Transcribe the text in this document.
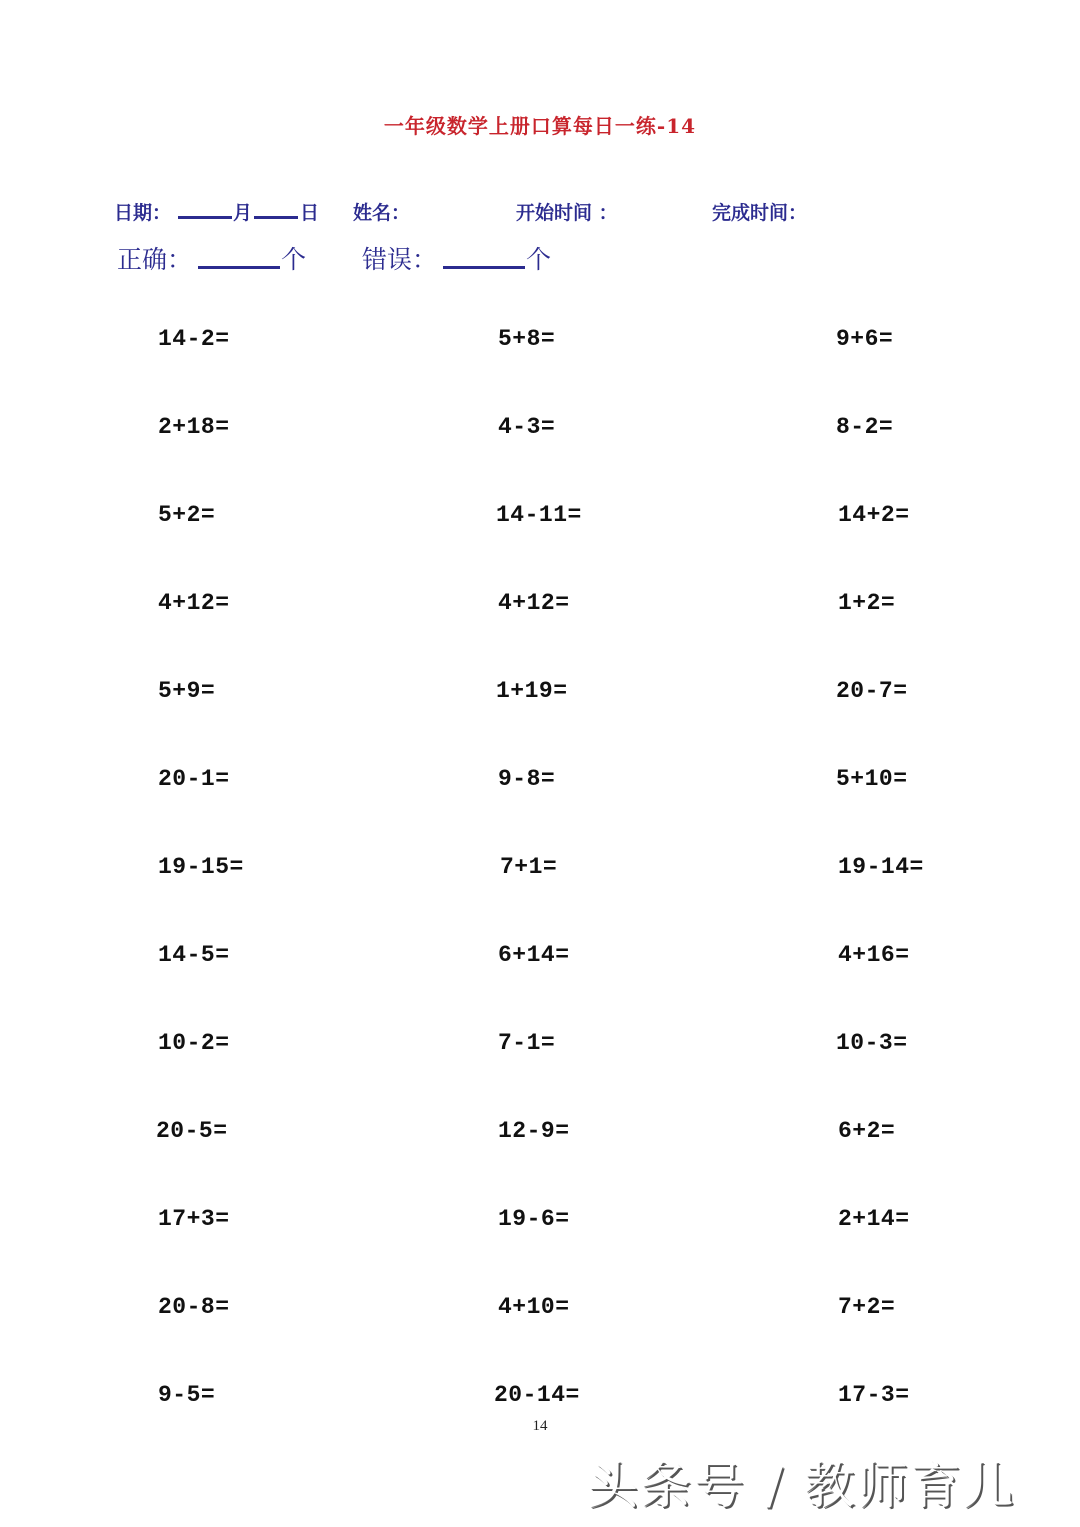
一年级数学上册口算每日一练-14
日期：	月	日 姓名：	开始时间 ：	完成时间：
正确：	个 错误：	个
14-2=	5+8=	9+6=
2+18=	4-3=	8-2=
5+2=	14-11=	14+2=
4+12=	4+12=	1+2=
5+9=	1+19=	20-7=
20-1=	9-8=	5+10=
19-15=	7+1=	19-14=
14-5=	6+14=	4+16=
10-2=	7-1=	10-3=
20-5=	12-9=	6+2=
17+3=	19-6=	2+14=
20-8=	4+10=	7+2=
9-5=	20-14=	17-3=
14
头条号 / 教师育儿
